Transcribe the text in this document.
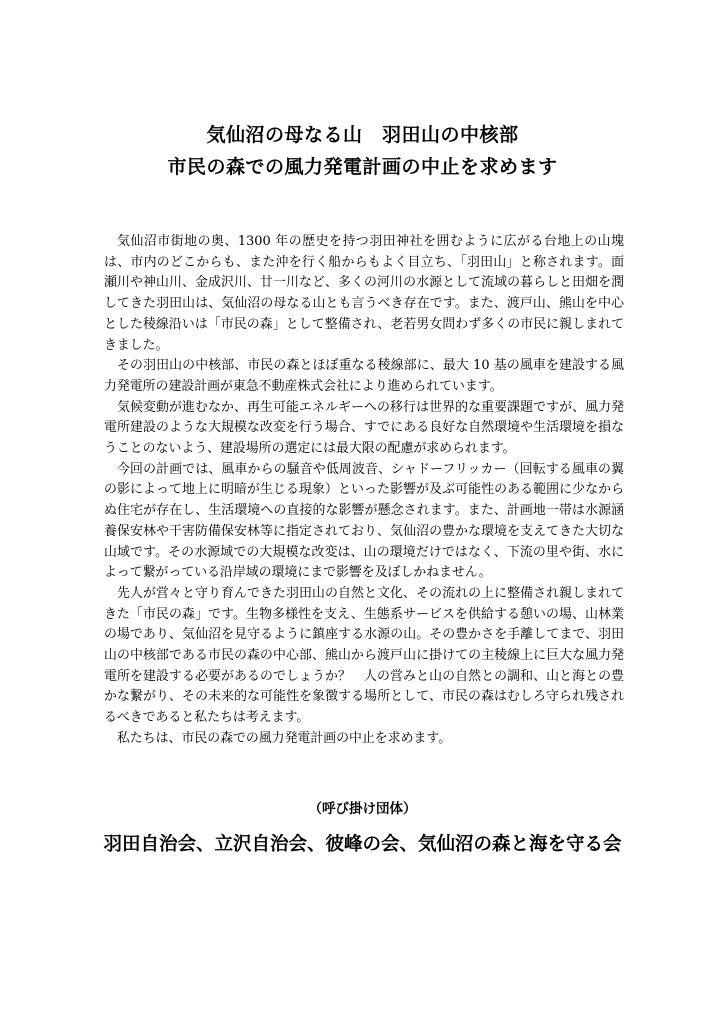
気仙沼の母なる山　羽田山の中核部
市民の森での風力発電計画の中止を求めます

気仙沼市街地の奥、1300 年の歴史を持つ羽田神社を囲むように広がる台地上の山塊は、市内のどこからも、また沖を行く船からもよく目立ち、「羽田山」と称されます。面瀬川や神山川、金成沢川、廿一川など、多くの河川の水源として流域の暮らしと田畑を潤してきた羽田山は、気仙沼の母なる山とも言うべき存在です。また、渡戸山、熊山を中心とした稜線沿いは「市民の森」として整備され、老若男女問わず多くの市民に親しまれてきました。

その羽田山の中核部、市民の森とほぼ重なる稜線部に、最大 10 基の風車を建設する風力発電所の建設計画が東急不動産株式会社により進められています。

気候変動が進むなか、再生可能エネルギーへの移行は世界的な重要課題ですが、風力発電所建設のような大規模な改変を行う場合、すでにある良好な自然環境や生活環境を損なうことのないよう、建設場所の選定には最大限の配慮が求められます。

今回の計画では、風車からの騒音や低周波音、シャドーフリッカー（回転する風車の翼の影によって地上に明暗が生じる現象）といった影響が及ぶ可能性のある範囲に少なからぬ住宅が存在し、生活環境への直接的な影響が懸念されます。また、計画地一帯は水源涵養保安林や干害防備保安林等に指定されており、気仙沼の豊かな環境を支えてきた大切な山域です。その水源域での大規模な改変は、山の環境だけではなく、下流の里や街、水によって繋がっている沿岸域の環境にまで影響を及ぼしかねません。

先人が営々と守り育んできた羽田山の自然と文化、その流れの上に整備され親しまれてきた「市民の森」です。生物多様性を支え、生態系サービスを供給する憩いの場、山林業の場であり、気仙沼を見守るように鎮座する水源の山。その豊かさを手離してまで、羽田山の中核部である市民の森の中心部、熊山から渡戸山に掛けての主稜線上に巨大な風力発電所を建設する必要があるのでしょうか？　人の営みと山の自然との調和、山と海との豊かな繋がり、その未来的な可能性を象徴する場所として、市民の森はむしろ守られ残されるべきであると私たちは考えます。

私たちは、市民の森での風力発電計画の中止を求めます。

（呼び掛け団体）
羽田自治会、立沢自治会、彼峰の会、気仙沼の森と海を守る会
